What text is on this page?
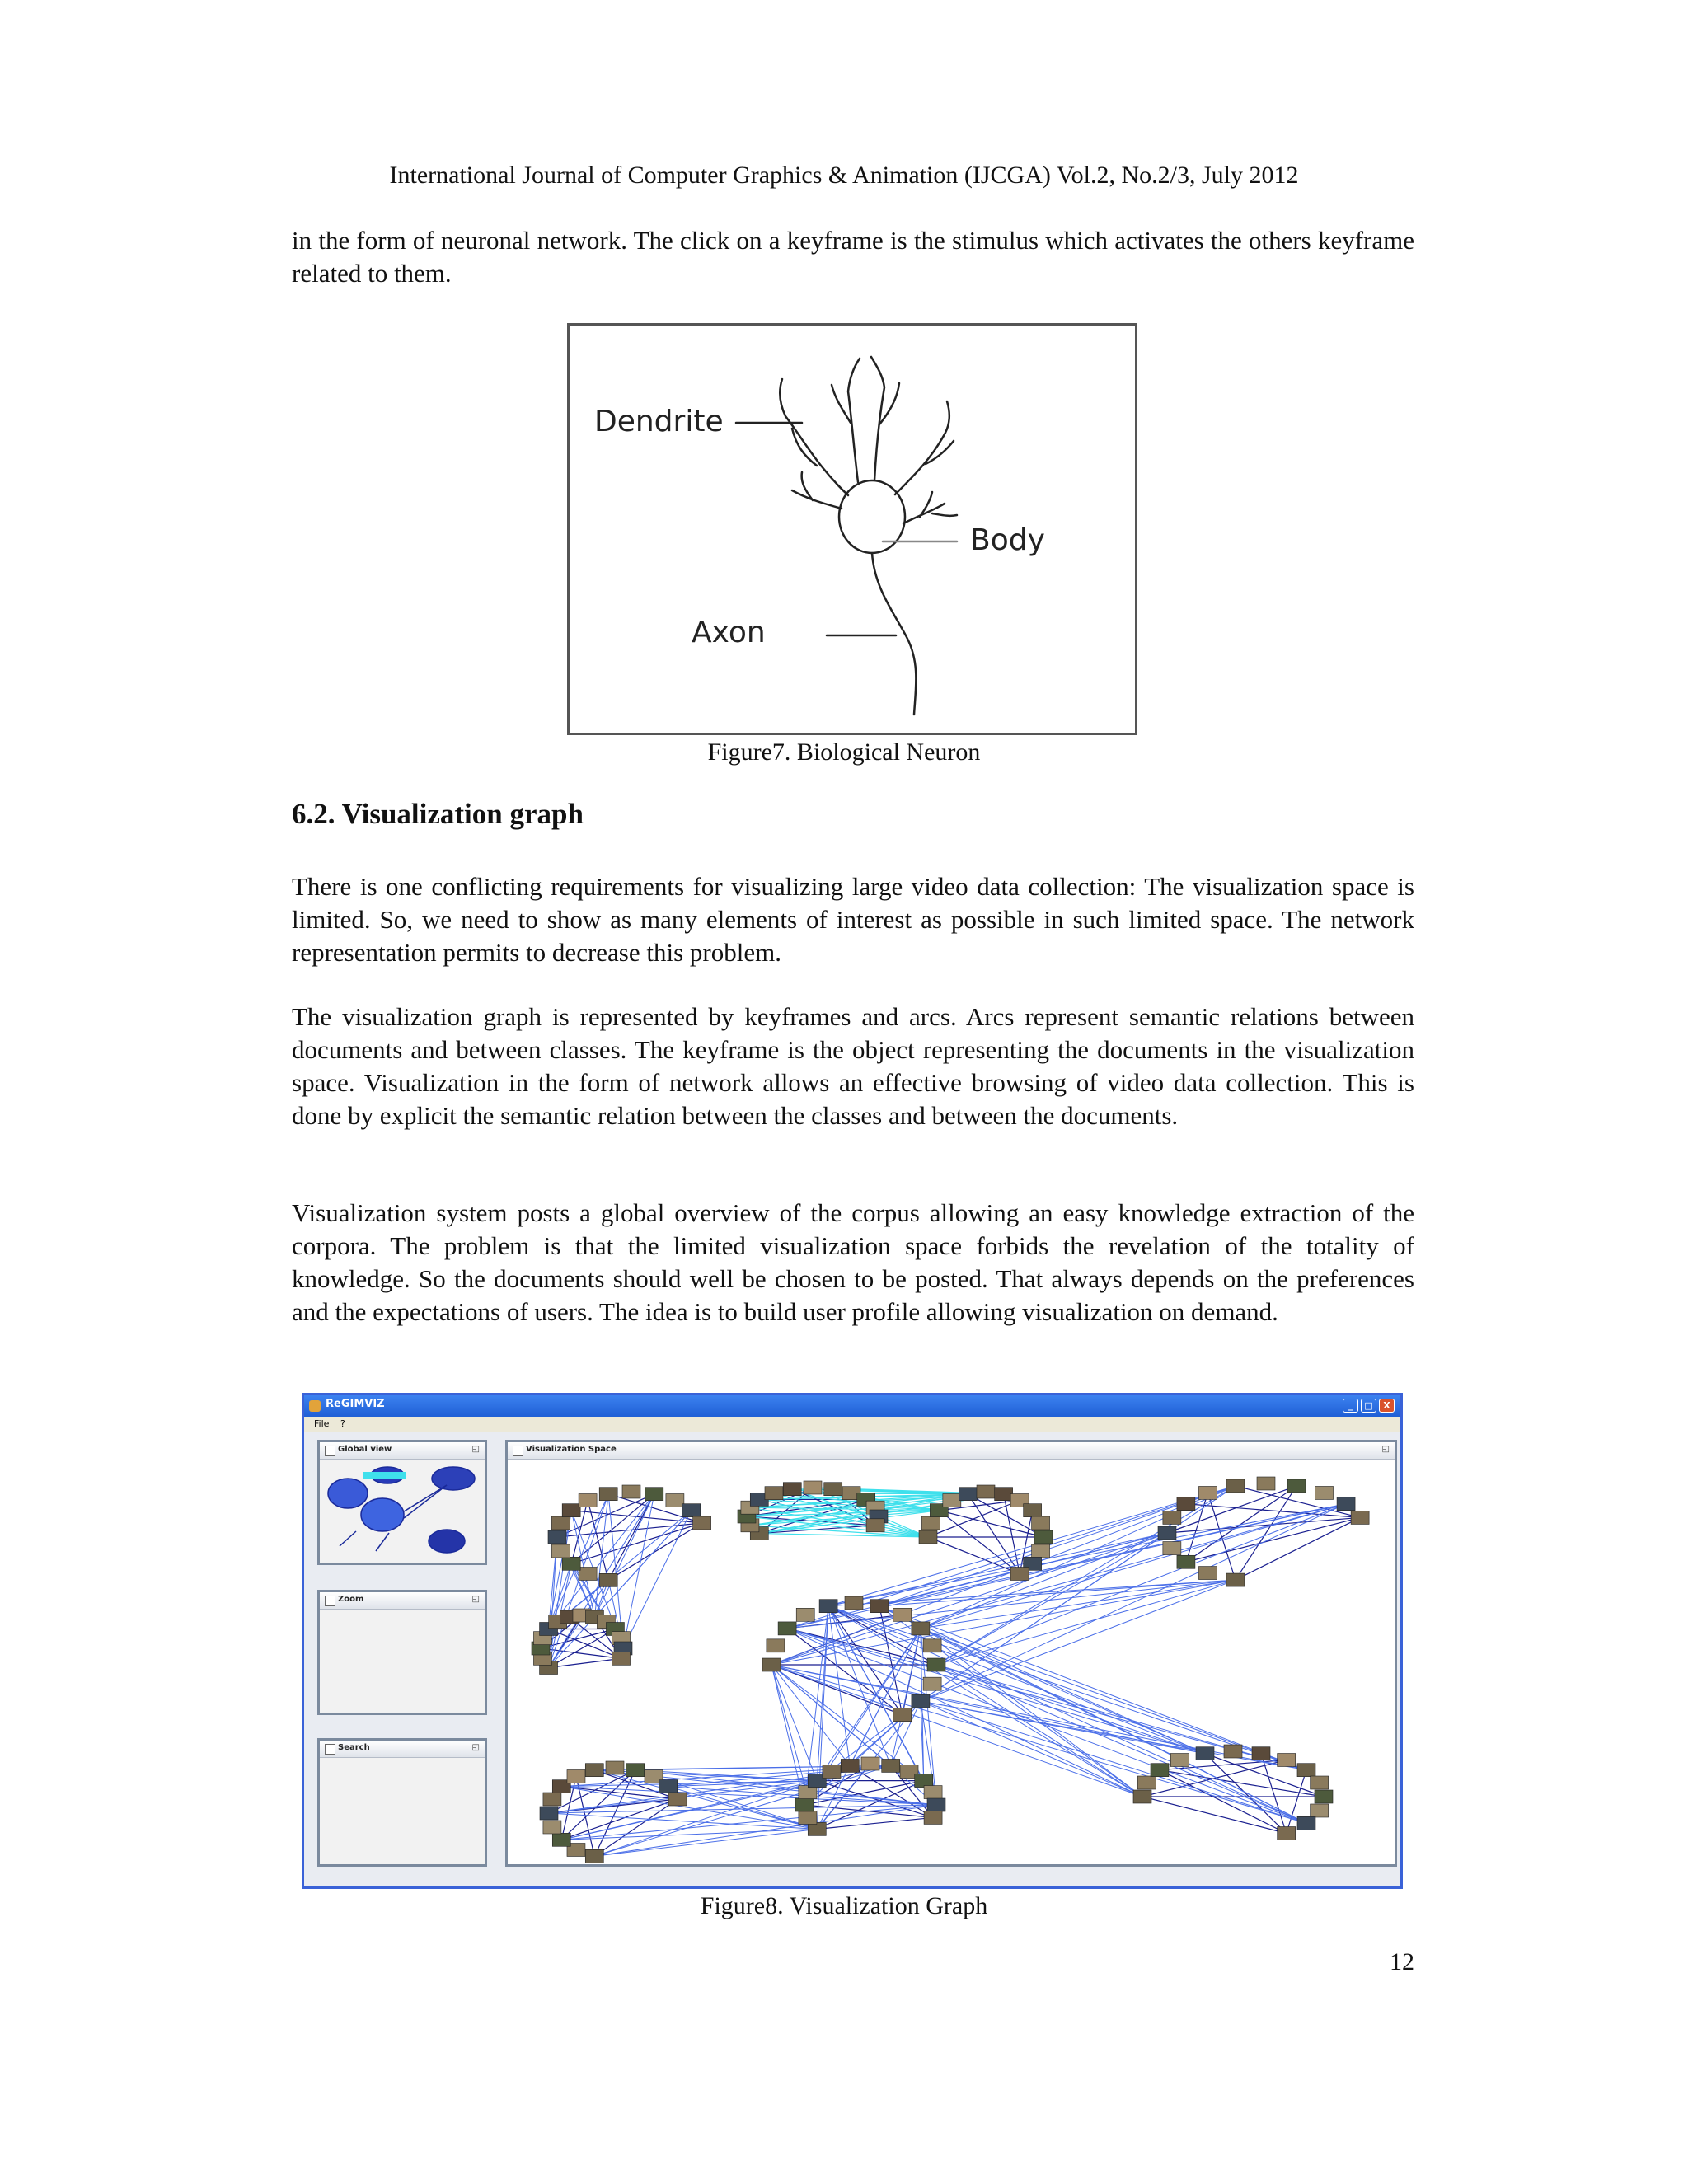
International Journal of Computer Graphics & Animation (IJCGA) Vol.2, No.2/3, July 2012

in the form of neuronal network. The click on a keyframe is the stimulus which activates the others keyframe related to them.

Dendrite
Body
Axon
Figure7. Biological Neuron
6.2. Visualization graph

There is one conflicting requirements for visualizing large video data collection: The visualization space is limited. So, we need to show as many elements of interest as possible in such limited space. The network representation permits to decrease this problem.

The visualization graph is represented by keyframes and arcs. Arcs represent semantic relations between documents and between classes. The keyframe is the object representing the documents in the visualization space. Visualization in the form of network allows an effective browsing of video data collection. This is done by explicit the semantic relation between the classes and between the documents.

Visualization system posts a global overview of the corpus allowing an easy knowledge extraction of the corpora. The problem is that the limited visualization space forbids the revelation of the totality of knowledge. So the documents should well be chosen to be posted. That always depends on the preferences and the expectations of users. The idea is to build user profile allowing visualization on demand.

ReGIMVIZ	_	□	X
File ?
Global view	◱
Zoom	◱
Search	◱
Visualization Space	◱
Figure8. Visualization Graph
12
